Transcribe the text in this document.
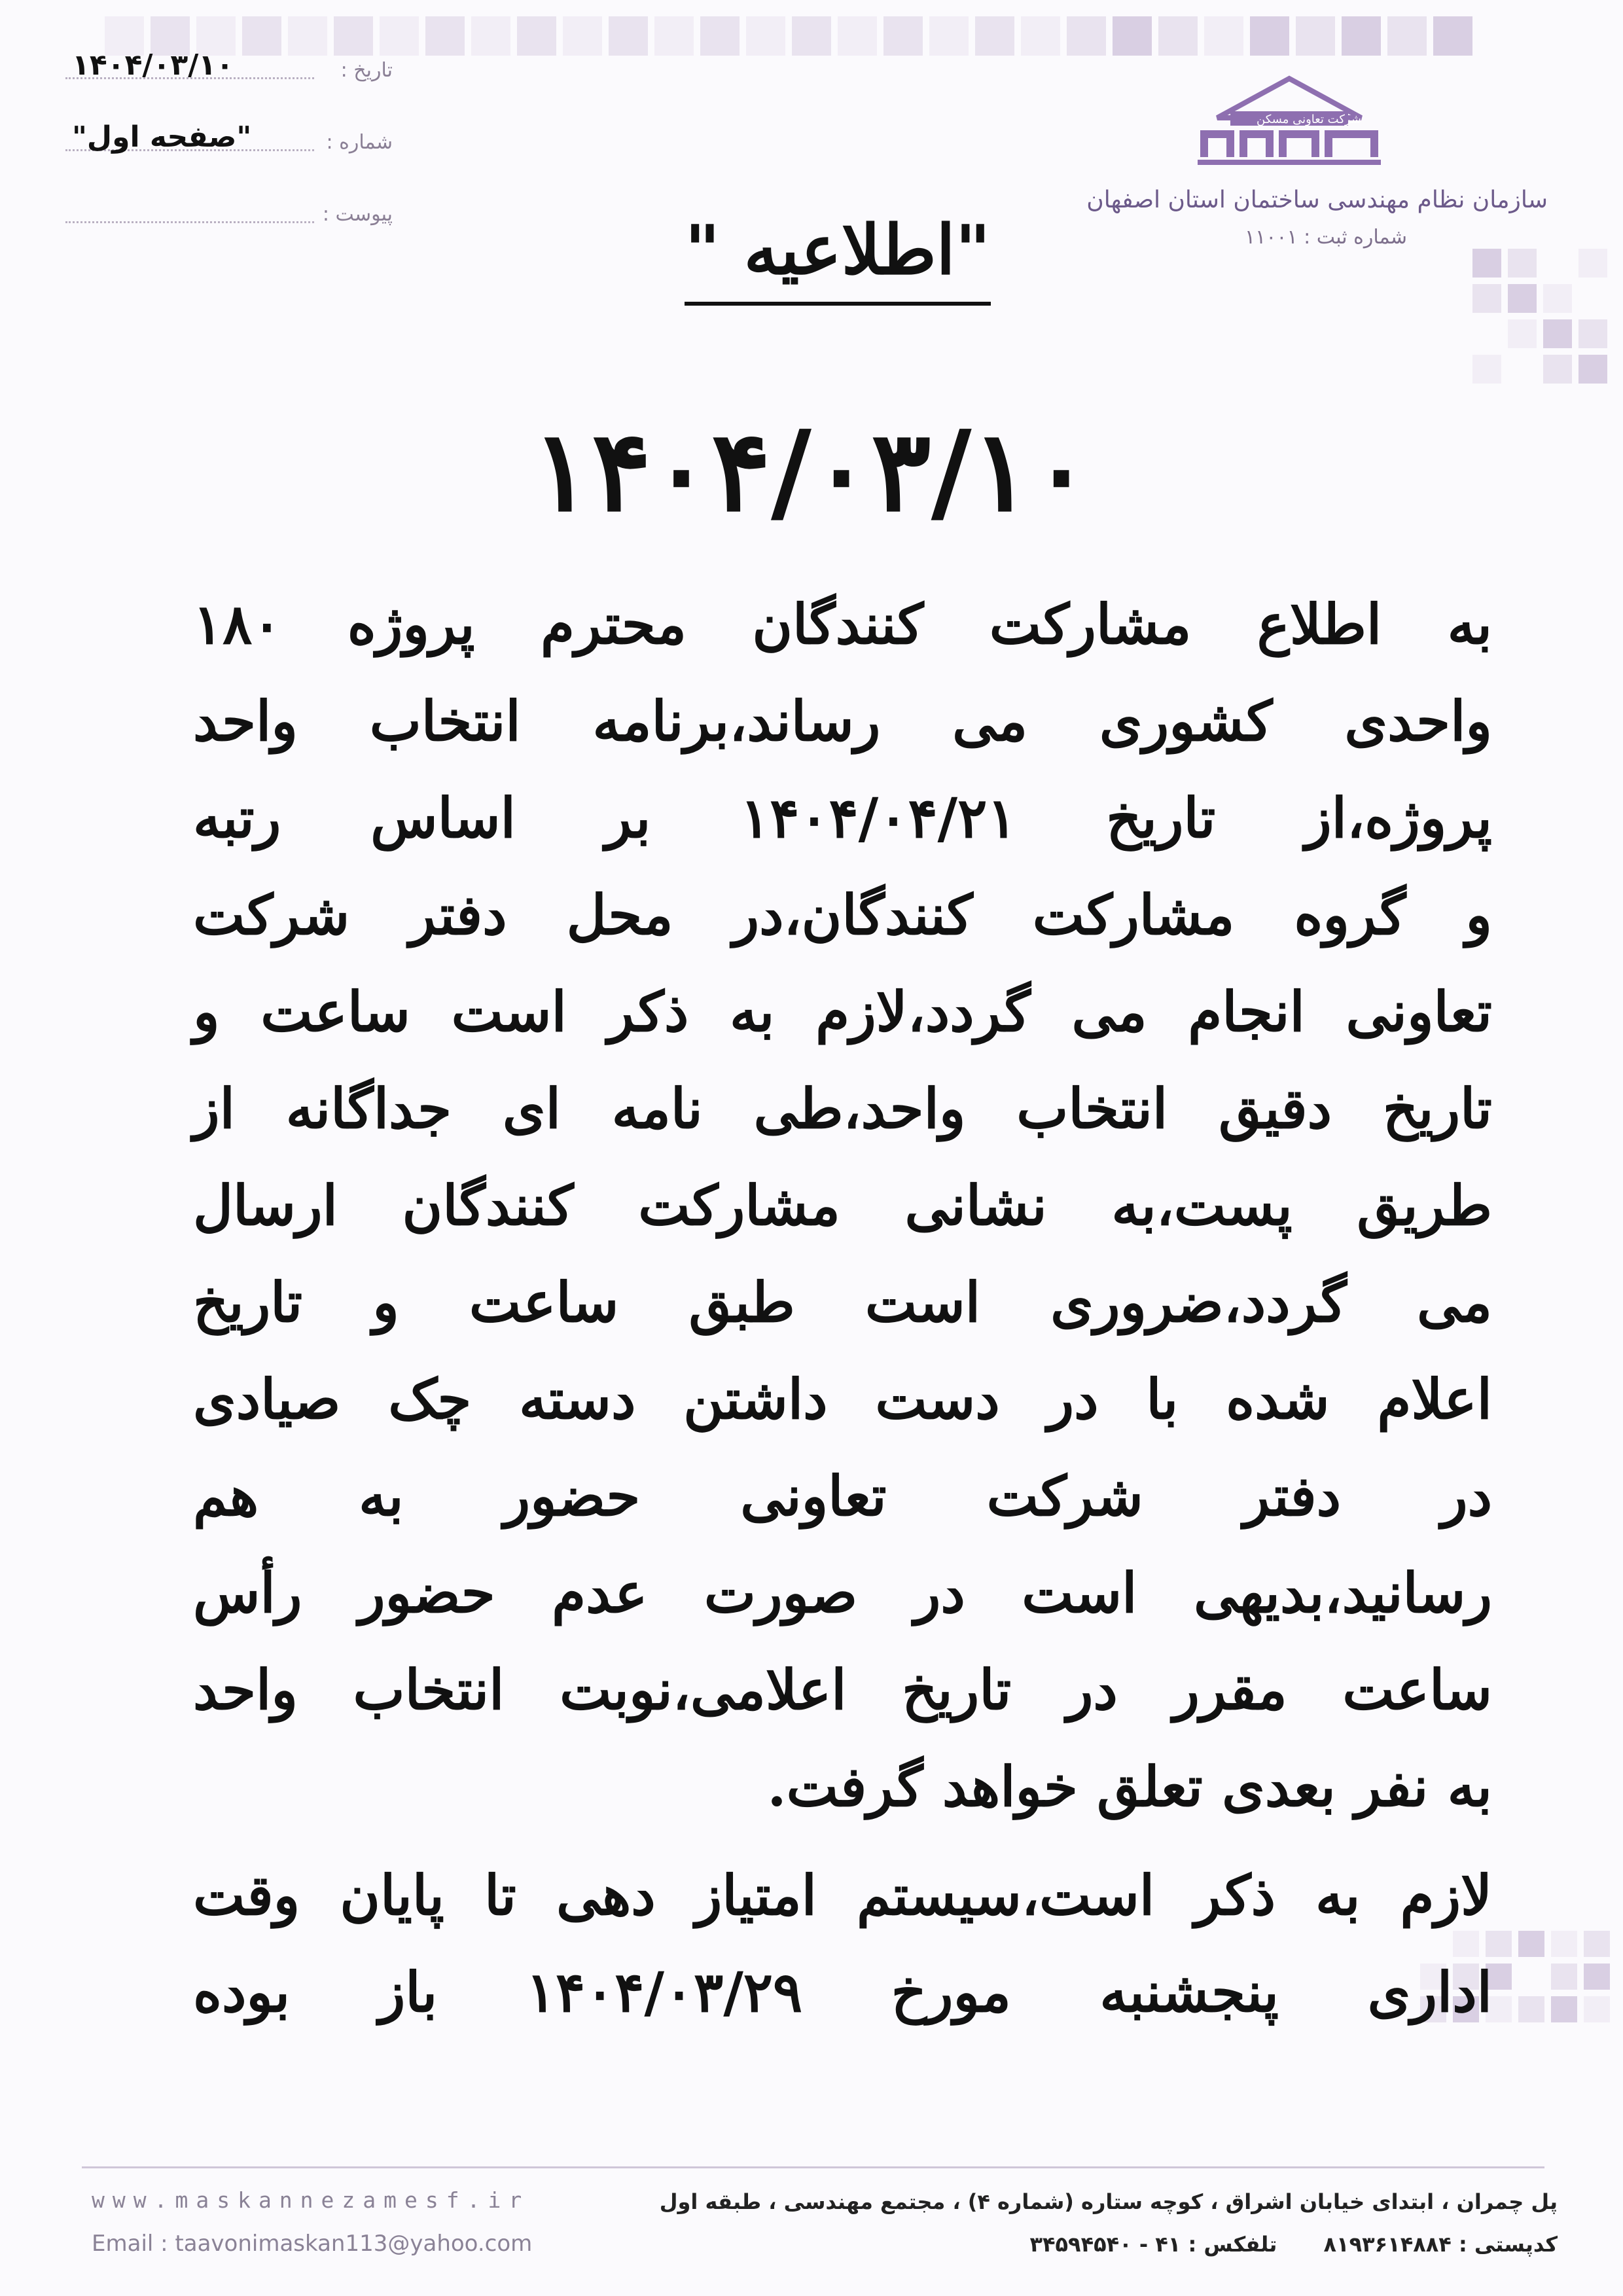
تاریخ :
۱۴۰۴/۰۳/۱۰
شماره :
"صفحه اول"
پیوست :
شرکت تعاونی مسکن
سازمان نظام مهندسی ساختمان استان اصفهان
شماره ثبت : ۱۱۰۰۱
"اطلاعیه "
۱۴۰۴/۰۳/۱۰
به اطلاع مشارکت کنندگان محترم پروژه ۱۸۰
واحدی کشوری می رساند،برنامه انتخاب واحد
پروژه،از تاریخ ۱۴۰۴/۰۴/۲۱ بر اساس رتبه
و گروه مشارکت کنندگان،در محل دفتر شرکت
تعاونی انجام می گردد،لازم به ذکر است ساعت و
تاریخ دقیق انتخاب واحد،طی نامه ای جداگانه از
طریق پست،به نشانی مشارکت کنندگان ارسال
می گردد،ضروری است طبق ساعت و تاریخ
اعلام شده با در دست داشتن دسته چک صیادی
در دفتر شرکت تعاونی حضور به هم
رسانید،بدیهی است در صورت عدم حضور رأس
ساعت مقرر در تاریخ اعلامی،نوبت انتخاب واحد
به نفر بعدی تعلق خواهد گرفت.
لازم به ذکر است،سیستم امتیاز دهی تا پایان وقت
اداری پنجشنبه مورخ ۱۴۰۴/۰۳/۲۹ باز بوده
www.maskannezamesf.ir
Email : taavonimaskan113@yahoo.com
پل چمران ، ابتدای خیابان اشراق ، کوچه ستاره (شماره ۴) ، مجتمع مهندسی ، طبقه اول
کدپستی : ۸۱۹۳۶۱۴۸۸۴ تلفکس : ۴۱ - ۳۴۵۹۴۵۴۰
